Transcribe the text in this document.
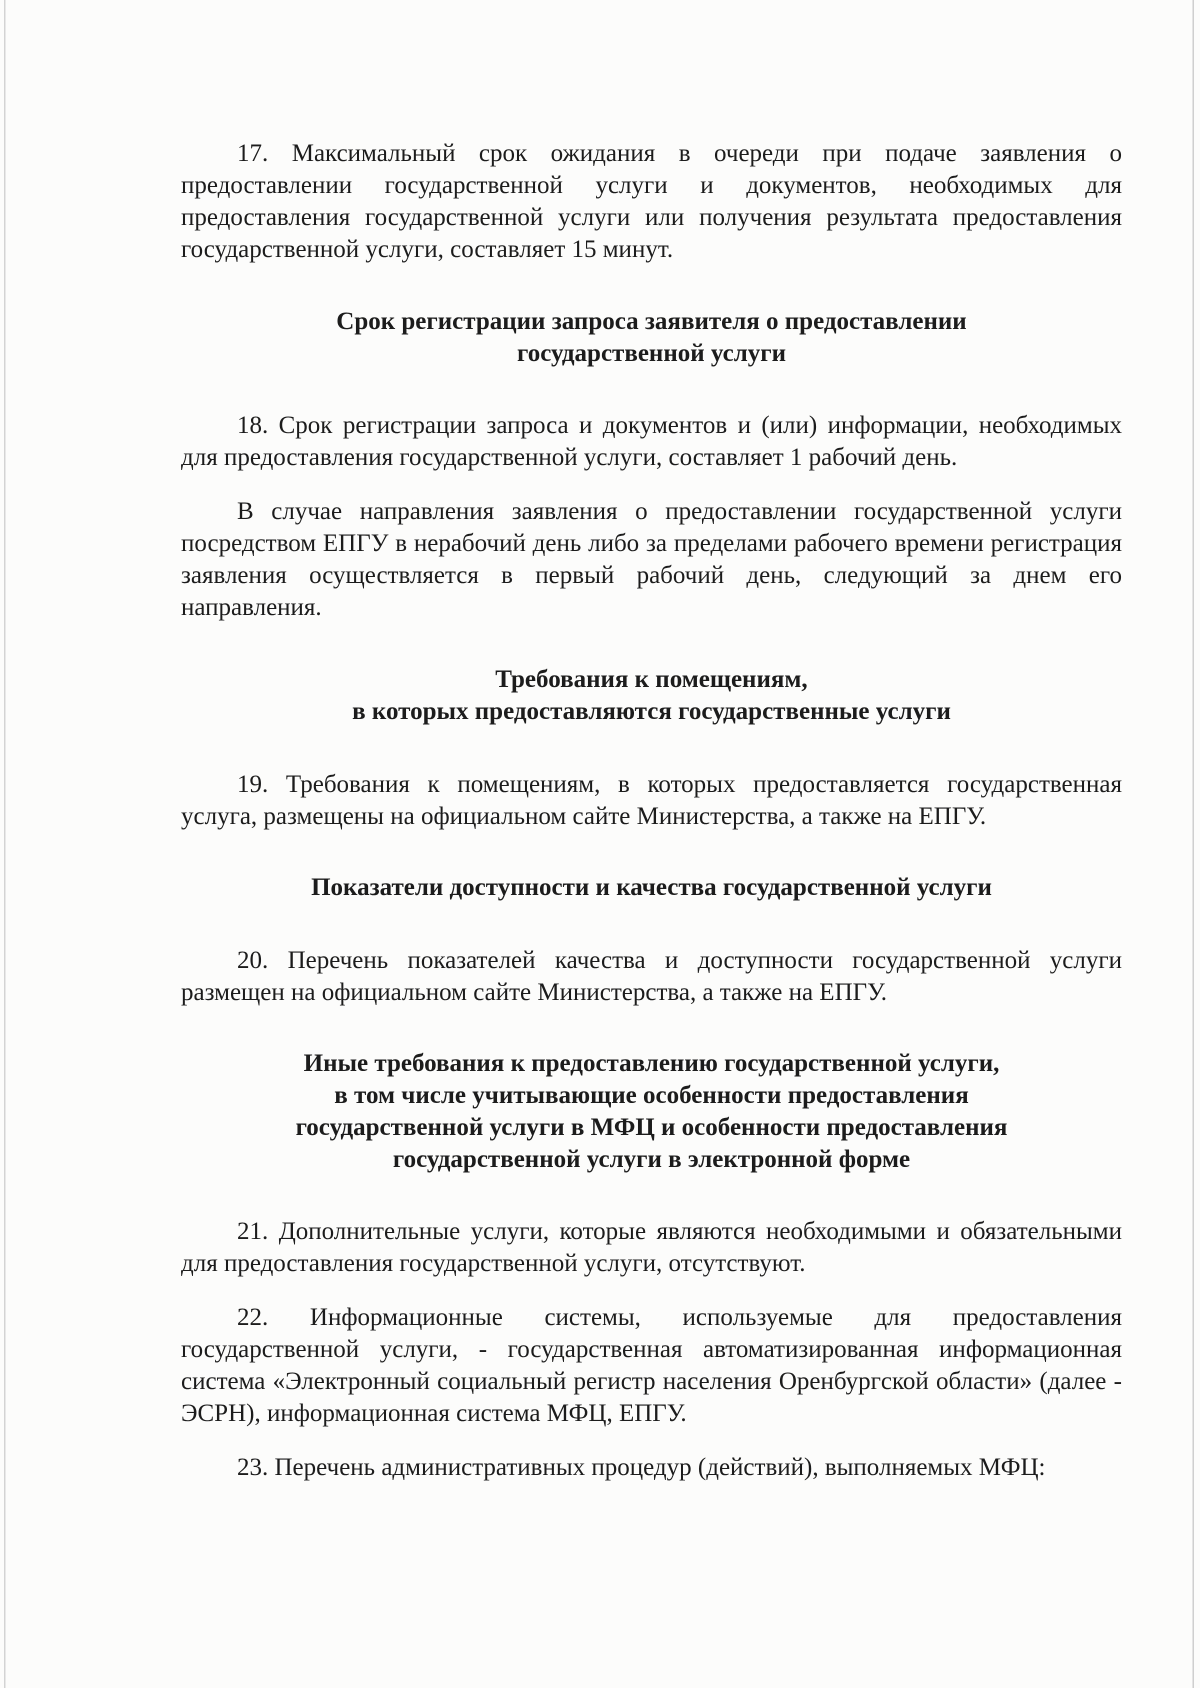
17. Максимальный срок ожидания в очереди при подаче заявления о предоставлении государственной услуги и документов, необходимых для предоставления государственной услуги или получения результата предоставления государственной услуги, составляет 15 минут.

Срок регистрации запроса заявителя о предоставлении
государственной услуги

18. Срок регистрации запроса и документов и (или) информации, необходимых для предоставления государственной услуги, составляет 1 рабочий день.

В случае направления заявления о предоставлении государственной услуги посредством ЕПГУ в нерабочий день либо за пределами рабочего времени регистрация заявления осуществляется в первый рабочий день, следующий за днем его направления.

Требования к помещениям,
в которых предоставляются государственные услуги

19. Требования к помещениям, в которых предоставляется государственная услуга, размещены на официальном сайте Министерства, а также на ЕПГУ.

Показатели доступности и качества государственной услуги

20. Перечень показателей качества и доступности государственной услуги размещен на официальном сайте Министерства, а также на ЕПГУ.

Иные требования к предоставлению государственной услуги,
в том числе учитывающие особенности предоставления
государственной услуги в МФЦ и особенности предоставления
государственной услуги в электронной форме

21. Дополнительные услуги, которые являются необходимыми и обязательными для предоставления государственной услуги, отсутствуют.

22. Информационные системы, используемые для предоставления государственной услуги, - государственная автоматизированная информационная система «Электронный социальный регистр населения Оренбургской области» (далее - ЭСРН), информационная система МФЦ, ЕПГУ.

23. Перечень административных процедур (действий), выполняемых МФЦ:
